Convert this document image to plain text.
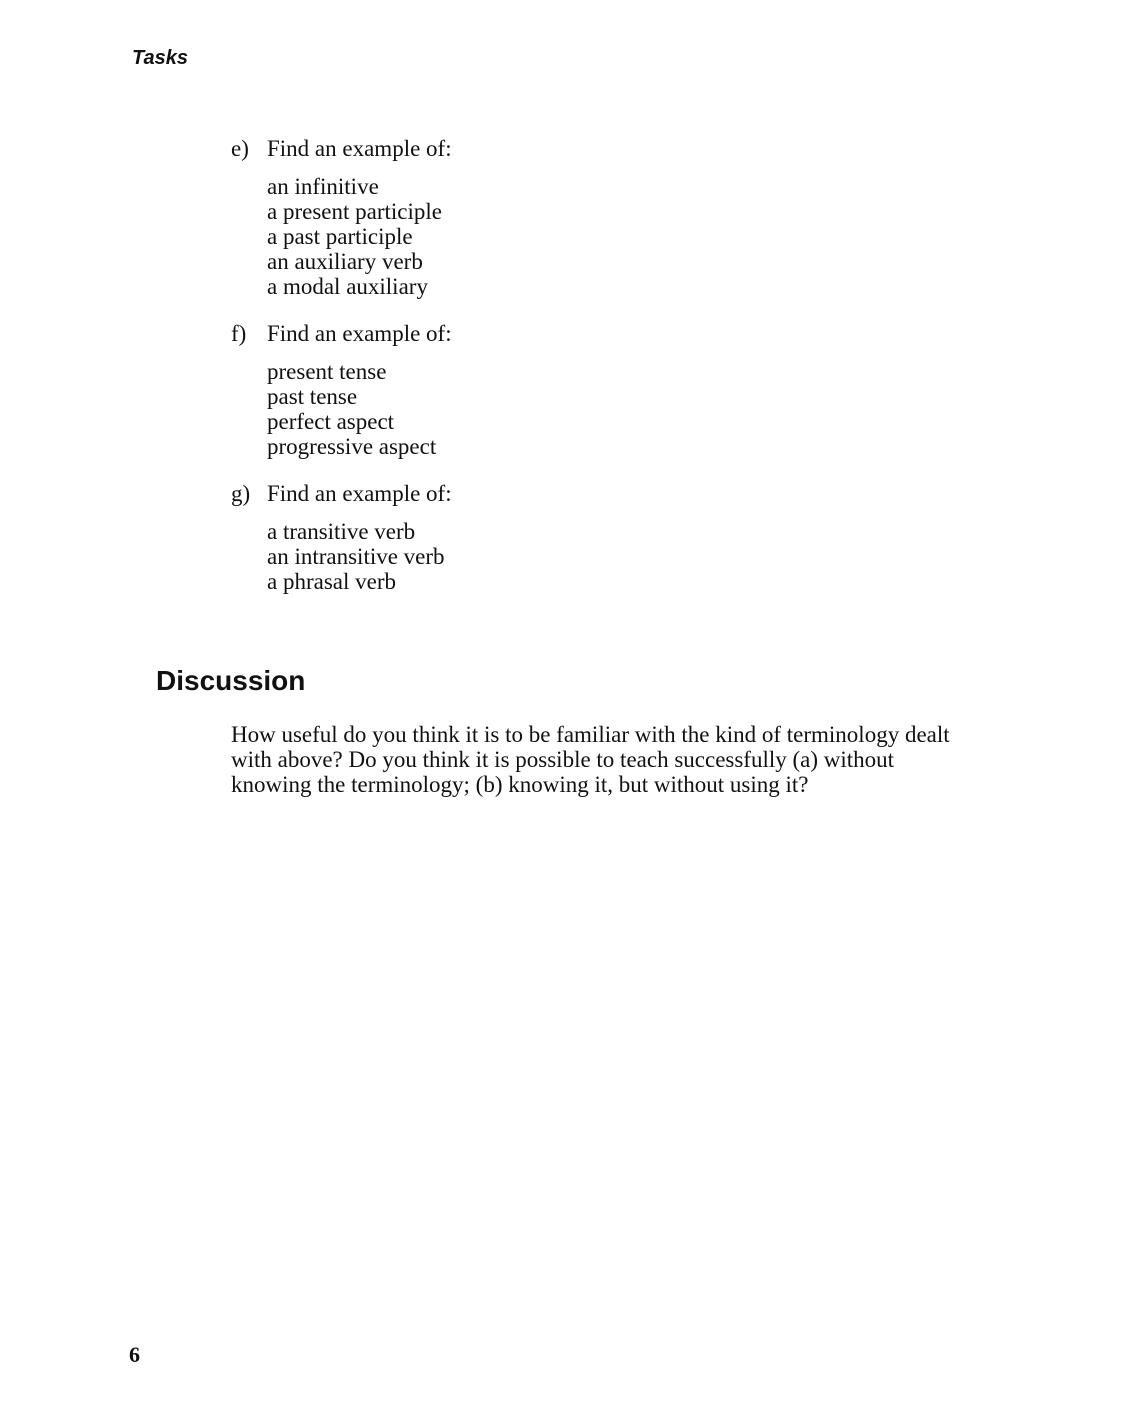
Tasks
e) Find an example of:
an infinitive
a present participle
a past participle
an auxiliary verb
a modal auxiliary
f) Find an example of:
present tense
past tense
perfect aspect
progressive aspect
g) Find an example of:
a transitive verb
an intransitive verb
a phrasal verb
Discussion
How useful do you think it is to be familiar with the kind of terminology dealt
with above? Do you think it is possible to teach successfully (a) without
knowing the terminology; (b) knowing it, but without using it?
6
